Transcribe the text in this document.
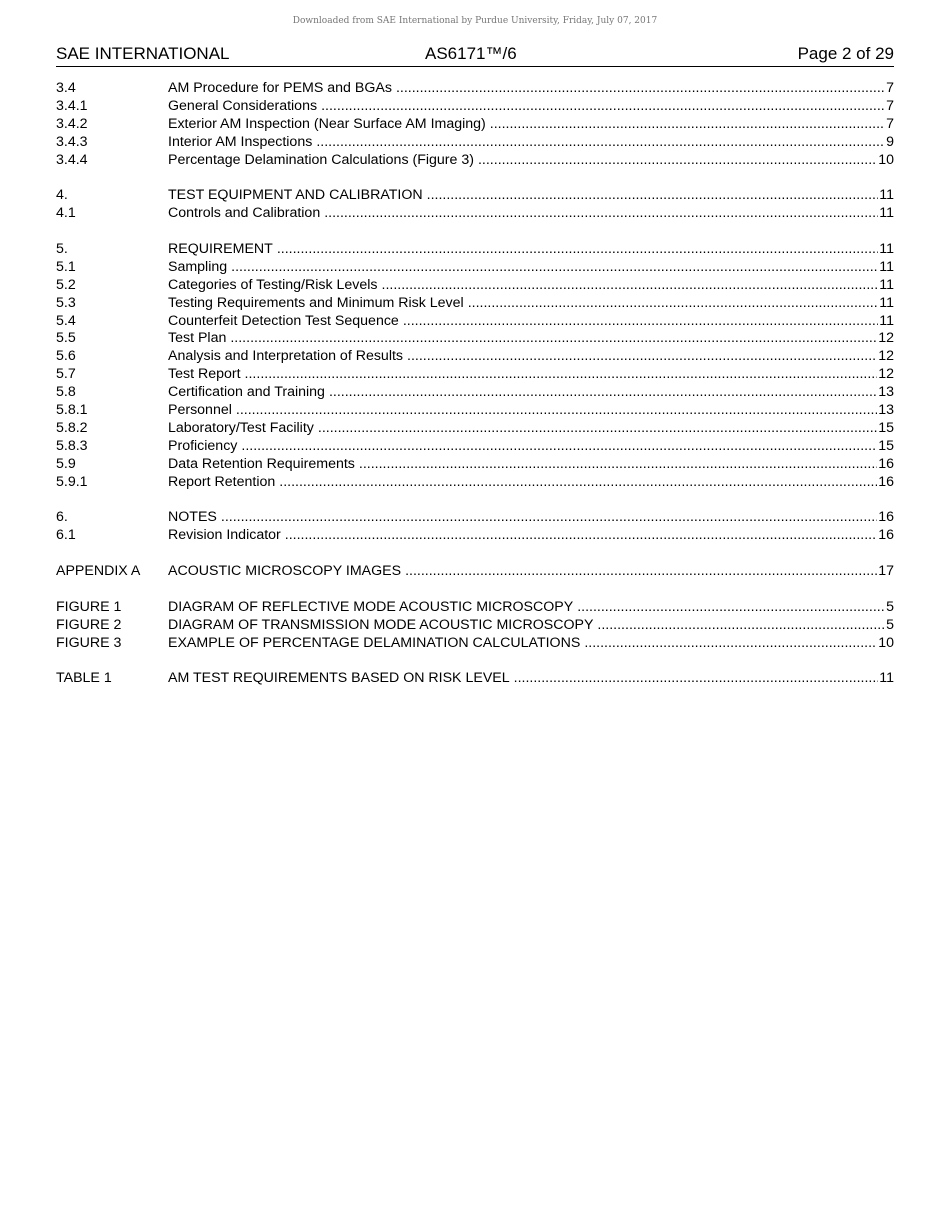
Downloaded from SAE International by Purdue University, Friday, July 07, 2017
SAE INTERNATIONAL	AS6171™/6	Page 2 of 29
3.4	AM Procedure for PEMS and BGAs .....	7
3.4.1	General Considerations .....	7
3.4.2	Exterior AM Inspection (Near Surface AM Imaging) .....	7
3.4.3	Interior AM Inspections .....	9
3.4.4	Percentage Delamination Calculations (Figure 3) .....	10
4.	TEST EQUIPMENT AND CALIBRATION .....	11
4.1	Controls and Calibration .....	11
5.	REQUIREMENT .....	11
5.1	Sampling .....	11
5.2	Categories of Testing/Risk Levels .....	11
5.3	Testing Requirements and Minimum Risk Level .....	11
5.4	Counterfeit Detection Test Sequence .....	11
5.5	Test Plan .....	12
5.6	Analysis and Interpretation of Results .....	12
5.7	Test Report .....	12
5.8	Certification and Training .....	13
5.8.1	Personnel .....	13
5.8.2	Laboratory/Test Facility .....	15
5.8.3	Proficiency .....	15
5.9	Data Retention Requirements .....	16
5.9.1	Report Retention .....	16
6.	NOTES .....	16
6.1	Revision Indicator .....	16
APPENDIX A	ACOUSTIC MICROSCOPY IMAGES .....	17
FIGURE 1	DIAGRAM OF REFLECTIVE MODE ACOUSTIC MICROSCOPY .....	5
FIGURE 2	DIAGRAM OF TRANSMISSION MODE ACOUSTIC MICROSCOPY .....	5
FIGURE 3	EXAMPLE OF PERCENTAGE DELAMINATION CALCULATIONS .....	10
TABLE 1	AM TEST REQUIREMENTS BASED ON RISK LEVEL .....	11
